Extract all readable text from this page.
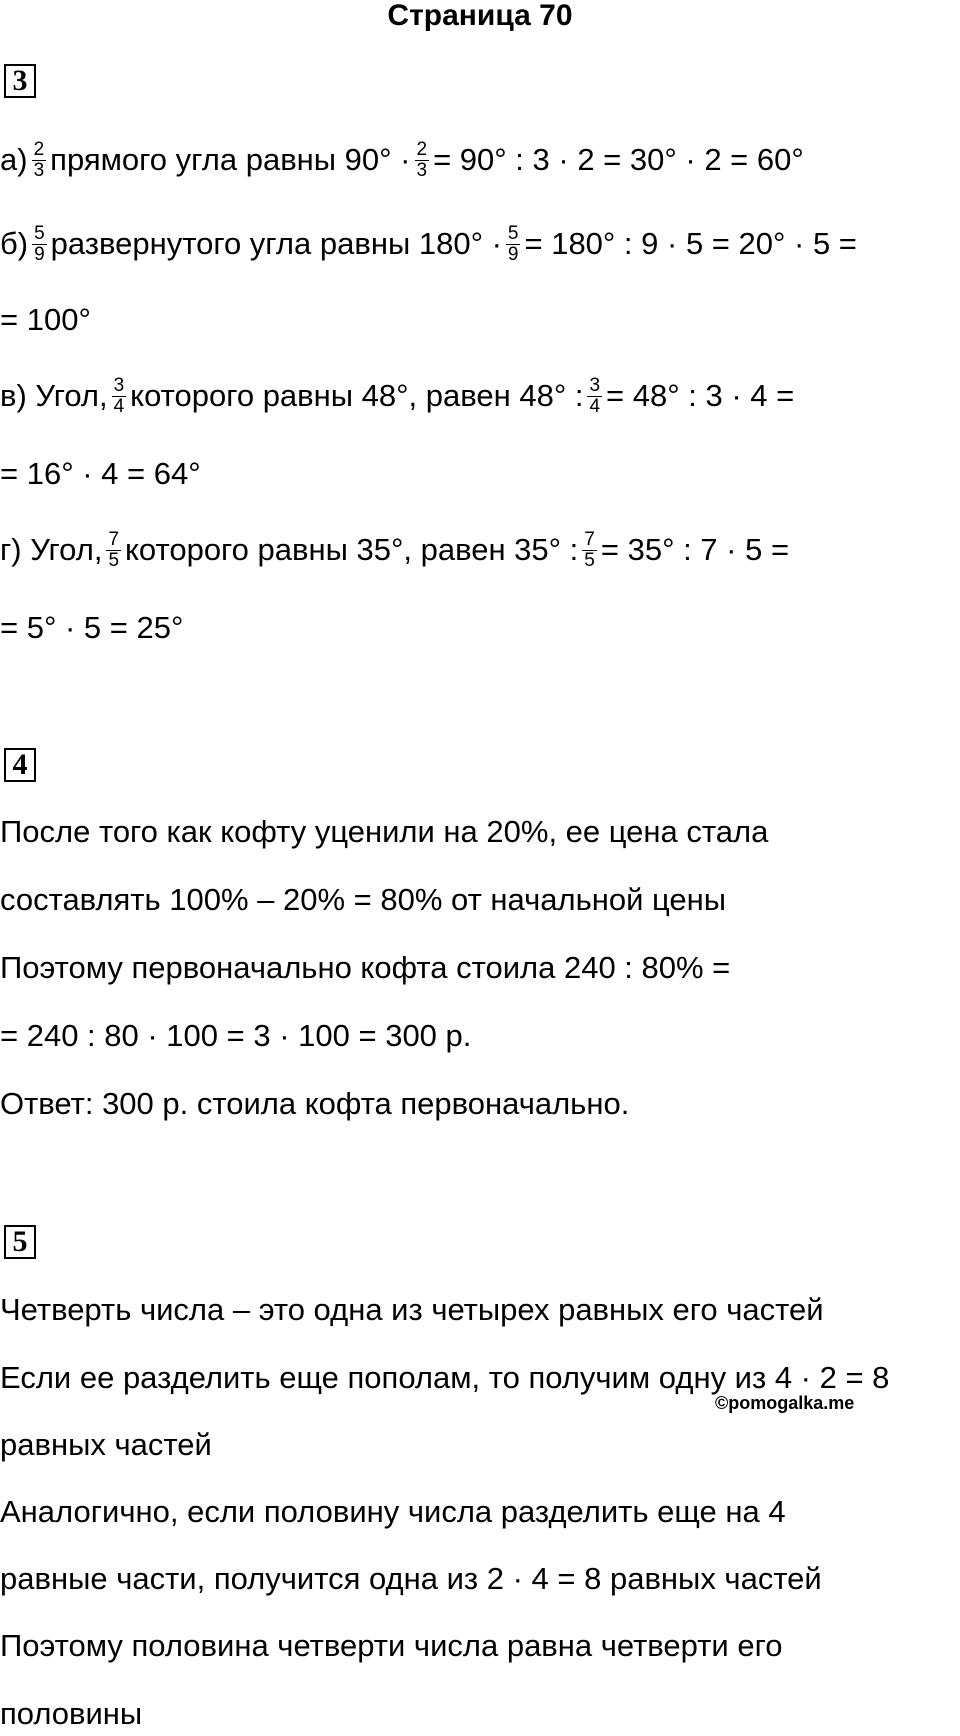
Страница 70
3
$а) \frac{2}{3}$ прямого угла равны $90^\circ \cdot \frac{2}{3} = 90^\circ$ : 3 · 2 = 30° · 2 = 60°
$б) \frac{5}{9}$ развернутого угла равны $180^\circ \cdot \frac{5}{9} = 180^\circ$ : 9 · 5 = 20° · 5 =
= 100°
в) Угол, $\frac{3}{4}$ которого равны 48°, равен 48° : $\frac{3}{4} = 48^\circ$ : 3 · 4 =
= 16° · 4 = 64°
г) Угол, $\frac{7}{5}$ которого равны 35°, равен 35° : $\frac{7}{5} = 35^\circ$ : 7 · 5 =
= 5° · 5 = 25°
4
После того как кофту уценили на 20%, ее цена стала
составлять 100% – 20% = 80% от начальной цены
Поэтому первоначально кофта стоила 240 : 80% =
= 240 : 80 · 100 = 3 · 100 = 300 р.
Ответ: 300 р. стоила кофта первоначально.
5
Четверть числа – это одна из четырех равных его частей
Если ее разделить еще пополам, то получим одну из 4 · 2 = 8
равных частей
Аналогично, если половину числа разделить еще на 4
равные части, получится одна из 2 · 4 = 8 равных частей
Поэтому половина четверти числа равна четверти его
половины
©pomogalka.me
